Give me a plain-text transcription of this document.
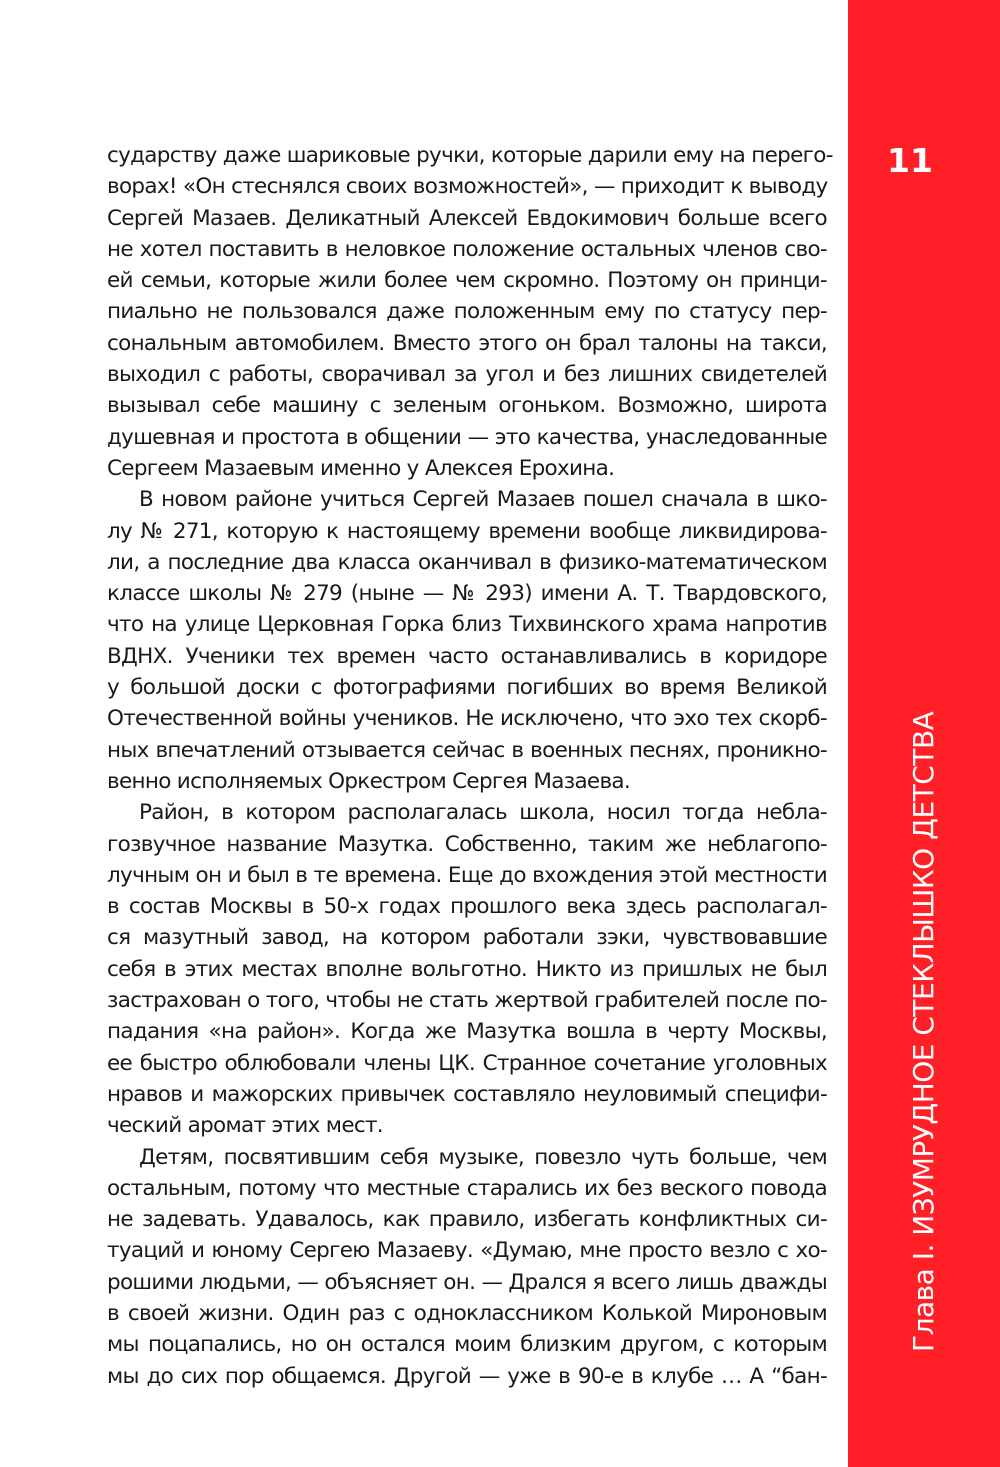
11
Глава I. ИЗУМРУДНОЕ СТЕКЛЫШКО ДЕТСТВА
сударству даже шариковые ручки, которые дарили ему на перего-
ворах! «Он стеснялся своих возможностей», — приходит к выводу
Сергей Мазаев. Деликатный Алексей Евдокимович больше всего
не хотел поставить в неловкое положение остальных членов сво-
ей семьи, которые жили более чем скромно. Поэтому он принци-
пиально не пользовался даже положенным ему по статусу пер-
сональным автомобилем. Вместо этого он брал талоны на такси,
выходил с работы, сворачивал за угол и без лишних свидетелей
вызывал себе машину с зеленым огоньком. Возможно, широта
душевная и простота в общении — это качества, унаследованные
Сергеем Мазаевым именно у Алексея Ерохина.
В новом районе учиться Сергей Мазаев пошел сначала в шко-
лу № 271, которую к настоящему времени вообще ликвидирова-
ли, а последние два класса оканчивал в физико-математическом
классе школы № 279 (ныне — № 293) имени А. Т. Твардовского,
что на улице Церковная Горка близ Тихвинского храма напротив
ВДНХ. Ученики тех времен часто останавливались в коридоре
у большой доски с фотографиями погибших во время Великой
Отечественной войны учеников. Не исключено, что эхо тех скорб-
ных впечатлений отзывается сейчас в военных песнях, проникно-
венно исполняемых Оркестром Сергея Мазаева.
Район, в котором располагалась школа, носил тогда небла-
гозвучное название Мазутка. Собственно, таким же неблагопо-
лучным он и был в те времена. Еще до вхождения этой местности
в состав Москвы в 50-х годах прошлого века здесь располагал-
ся мазутный завод, на котором работали зэки, чувствовавшие
себя в этих местах вполне вольготно. Никто из пришлых не был
застрахован о того, чтобы не стать жертвой грабителей после по-
падания «на район». Когда же Мазутка вошла в черту Москвы,
ее быстро облюбовали члены ЦК. Странное сочетание уголовных
нравов и мажорских привычек составляло неуловимый специфи-
ческий аромат этих мест.
Детям, посвятившим себя музыке, повезло чуть больше, чем
остальным, потому что местные старались их без веского повода
не задевать. Удавалось, как правило, избегать конфликтных си-
туаций и юному Сергею Мазаеву. «Думаю, мне просто везло с хо-
рошими людьми, — объясняет он. — Дрался я всего лишь дважды
в своей жизни. Один раз с одноклассником Колькой Мироновым
мы поцапались, но он остался моим близким другом, с которым
мы до сих пор общаемся. Другой — уже в 90-е в клубе … А “бан-
